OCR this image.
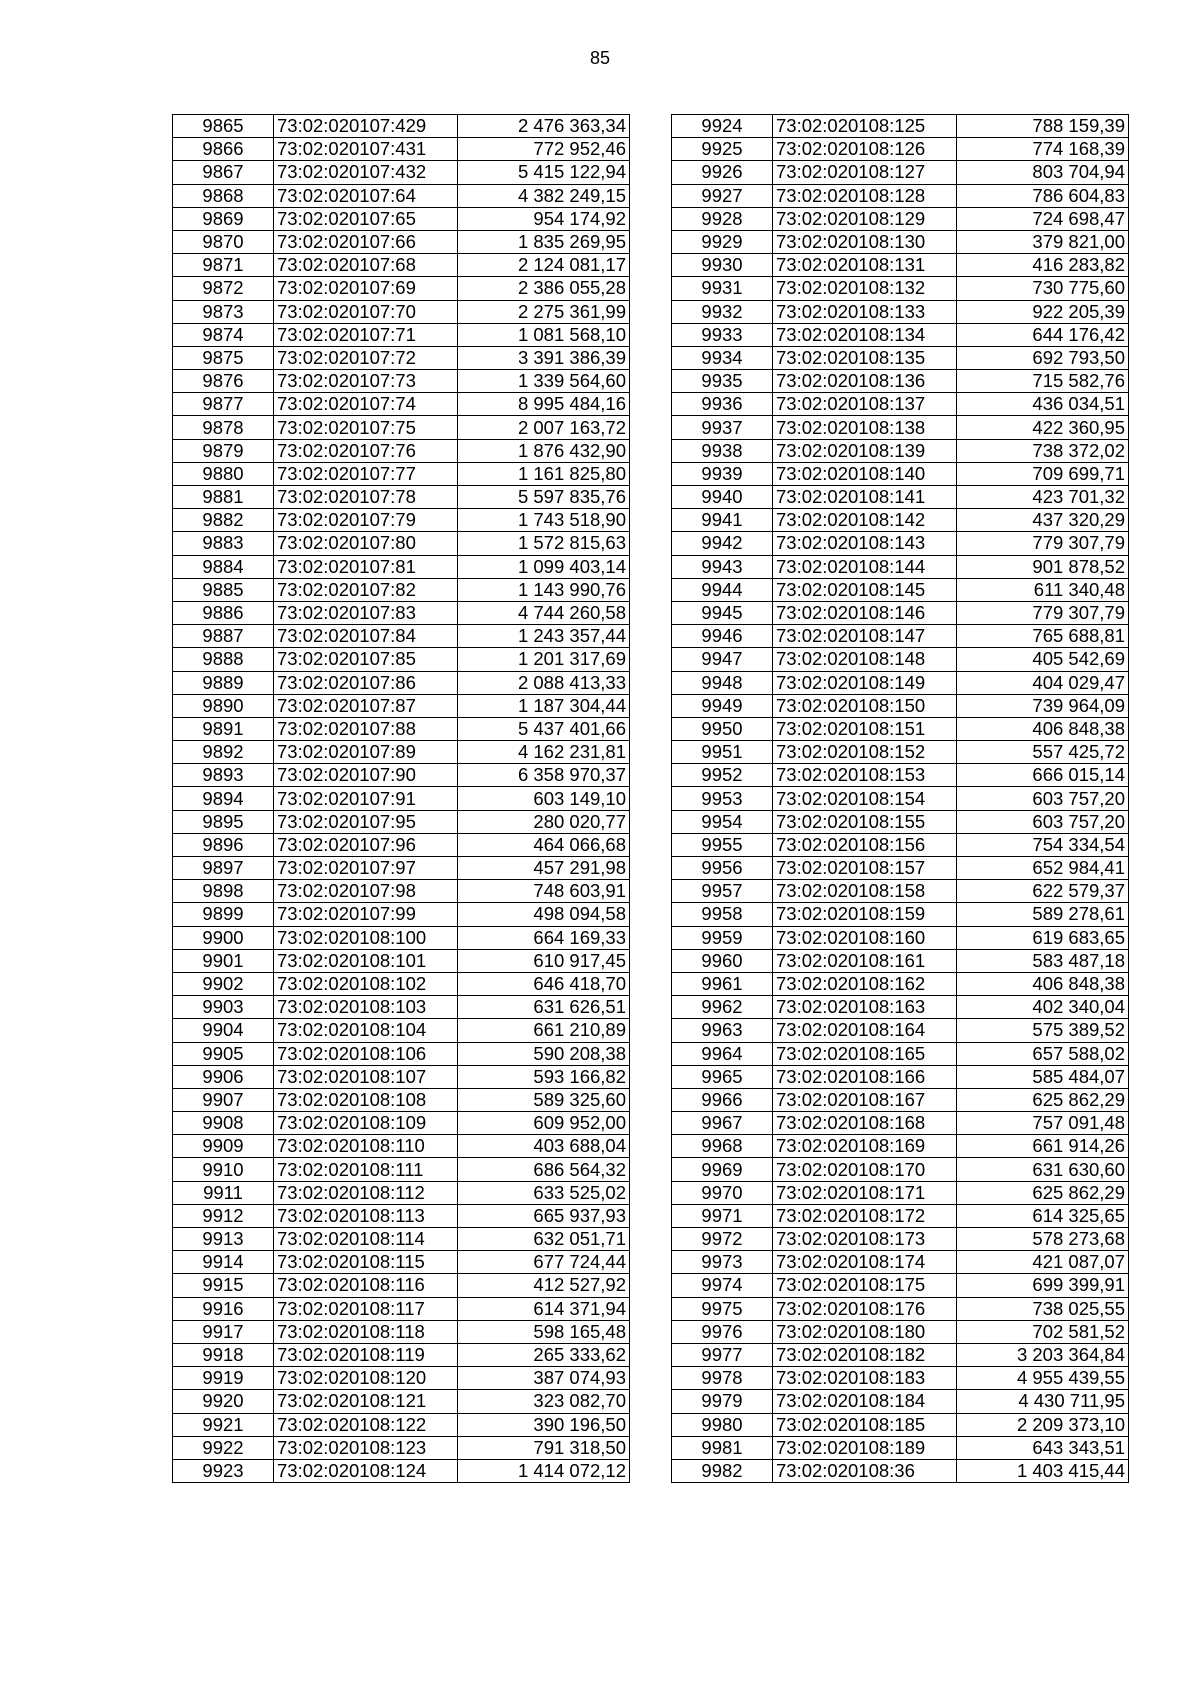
85
9865	73:02:020107:429	2 476 363,34
9866	73:02:020107:431	772 952,46
9867	73:02:020107:432	5 415 122,94
9868	73:02:020107:64	4 382 249,15
9869	73:02:020107:65	954 174,92
9870	73:02:020107:66	1 835 269,95
9871	73:02:020107:68	2 124 081,17
9872	73:02:020107:69	2 386 055,28
9873	73:02:020107:70	2 275 361,99
9874	73:02:020107:71	1 081 568,10
9875	73:02:020107:72	3 391 386,39
9876	73:02:020107:73	1 339 564,60
9877	73:02:020107:74	8 995 484,16
9878	73:02:020107:75	2 007 163,72
9879	73:02:020107:76	1 876 432,90
9880	73:02:020107:77	1 161 825,80
9881	73:02:020107:78	5 597 835,76
9882	73:02:020107:79	1 743 518,90
9883	73:02:020107:80	1 572 815,63
9884	73:02:020107:81	1 099 403,14
9885	73:02:020107:82	1 143 990,76
9886	73:02:020107:83	4 744 260,58
9887	73:02:020107:84	1 243 357,44
9888	73:02:020107:85	1 201 317,69
9889	73:02:020107:86	2 088 413,33
9890	73:02:020107:87	1 187 304,44
9891	73:02:020107:88	5 437 401,66
9892	73:02:020107:89	4 162 231,81
9893	73:02:020107:90	6 358 970,37
9894	73:02:020107:91	603 149,10
9895	73:02:020107:95	280 020,77
9896	73:02:020107:96	464 066,68
9897	73:02:020107:97	457 291,98
9898	73:02:020107:98	748 603,91
9899	73:02:020107:99	498 094,58
9900	73:02:020108:100	664 169,33
9901	73:02:020108:101	610 917,45
9902	73:02:020108:102	646 418,70
9903	73:02:020108:103	631 626,51
9904	73:02:020108:104	661 210,89
9905	73:02:020108:106	590 208,38
9906	73:02:020108:107	593 166,82
9907	73:02:020108:108	589 325,60
9908	73:02:020108:109	609 952,00
9909	73:02:020108:110	403 688,04
9910	73:02:020108:111	686 564,32
9911	73:02:020108:112	633 525,02
9912	73:02:020108:113	665 937,93
9913	73:02:020108:114	632 051,71
9914	73:02:020108:115	677 724,44
9915	73:02:020108:116	412 527,92
9916	73:02:020108:117	614 371,94
9917	73:02:020108:118	598 165,48
9918	73:02:020108:119	265 333,62
9919	73:02:020108:120	387 074,93
9920	73:02:020108:121	323 082,70
9921	73:02:020108:122	390 196,50
9922	73:02:020108:123	791 318,50
9923	73:02:020108:124	1 414 072,12
9924	73:02:020108:125	788 159,39
9925	73:02:020108:126	774 168,39
9926	73:02:020108:127	803 704,94
9927	73:02:020108:128	786 604,83
9928	73:02:020108:129	724 698,47
9929	73:02:020108:130	379 821,00
9930	73:02:020108:131	416 283,82
9931	73:02:020108:132	730 775,60
9932	73:02:020108:133	922 205,39
9933	73:02:020108:134	644 176,42
9934	73:02:020108:135	692 793,50
9935	73:02:020108:136	715 582,76
9936	73:02:020108:137	436 034,51
9937	73:02:020108:138	422 360,95
9938	73:02:020108:139	738 372,02
9939	73:02:020108:140	709 699,71
9940	73:02:020108:141	423 701,32
9941	73:02:020108:142	437 320,29
9942	73:02:020108:143	779 307,79
9943	73:02:020108:144	901 878,52
9944	73:02:020108:145	611 340,48
9945	73:02:020108:146	779 307,79
9946	73:02:020108:147	765 688,81
9947	73:02:020108:148	405 542,69
9948	73:02:020108:149	404 029,47
9949	73:02:020108:150	739 964,09
9950	73:02:020108:151	406 848,38
9951	73:02:020108:152	557 425,72
9952	73:02:020108:153	666 015,14
9953	73:02:020108:154	603 757,20
9954	73:02:020108:155	603 757,20
9955	73:02:020108:156	754 334,54
9956	73:02:020108:157	652 984,41
9957	73:02:020108:158	622 579,37
9958	73:02:020108:159	589 278,61
9959	73:02:020108:160	619 683,65
9960	73:02:020108:161	583 487,18
9961	73:02:020108:162	406 848,38
9962	73:02:020108:163	402 340,04
9963	73:02:020108:164	575 389,52
9964	73:02:020108:165	657 588,02
9965	73:02:020108:166	585 484,07
9966	73:02:020108:167	625 862,29
9967	73:02:020108:168	757 091,48
9968	73:02:020108:169	661 914,26
9969	73:02:020108:170	631 630,60
9970	73:02:020108:171	625 862,29
9971	73:02:020108:172	614 325,65
9972	73:02:020108:173	578 273,68
9973	73:02:020108:174	421 087,07
9974	73:02:020108:175	699 399,91
9975	73:02:020108:176	738 025,55
9976	73:02:020108:180	702 581,52
9977	73:02:020108:182	3 203 364,84
9978	73:02:020108:183	4 955 439,55
9979	73:02:020108:184	4 430 711,95
9980	73:02:020108:185	2 209 373,10
9981	73:02:020108:189	643 343,51
9982	73:02:020108:36	1 403 415,44
